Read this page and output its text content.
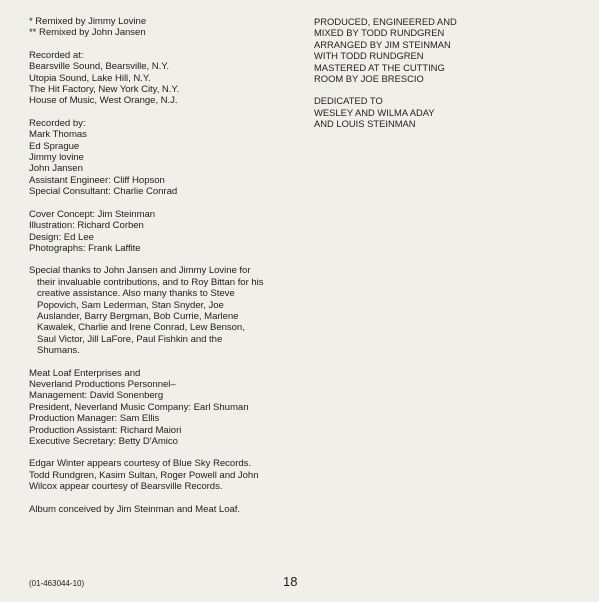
* Remixed by Jimmy Lovine
** Remixed by John Jansen
Recorded at:
Bearsville Sound, Bearsville, N.Y.
Utopia Sound, Lake Hill, N.Y.
The Hit Factory, New York City, N.Y.
House of Music, West Orange, N.J.
Recorded by:
Mark Thomas
Ed Sprague
Jimmy lovine
John Jansen
Assistant Engineer: Cliff Hopson
Special Consultant: Charlie Conrad
Cover Concept: Jim Steinman
Illustration: Richard Corben
Design: Ed Lee
Photographs: Frank Laffite
Special thanks to John Jansen and Jimmy Lovine for
their invaluable contributions, and to Roy Bittan for his
creative assistance. Also many thanks to Steve
Popovich, Sam Lederman, Stan Snyder, Joe
Auslander, Barry Bergman, Bob Currie, Marlene
Kawalek, Charlie and Irene Conrad, Lew Benson,
Saul Victor, Jill LaFore, Paul Fishkin and the
Shumans.
Meat Loaf Enterprises and
Neverland Productions Personnel–
Management: David Sonenberg
President, Neverland Music Company: Earl Shuman
Production Manager: Sam Ellis
Production Assistant: Richard Maiori
Executive Secretary: Betty D'Amico
Edgar Winter appears courtesy of Blue Sky Records.
Todd Rundgren, Kasim Sultan, Roger Powell and John
Wilcox appear courtesy of Bearsville Records.
Album conceived by Jim Steinman and Meat Loaf.
PRODUCED, ENGINEERED AND
MIXED BY TODD RUNDGREN
ARRANGED BY JIM STEINMAN
WITH TODD RUNDGREN
MASTERED AT THE CUTTING
ROOM BY JOE BRESCIO
DEDICATED TO
WESLEY AND WILMA ADAY
AND LOUIS STEINMAN
(01-463044-10)	18
